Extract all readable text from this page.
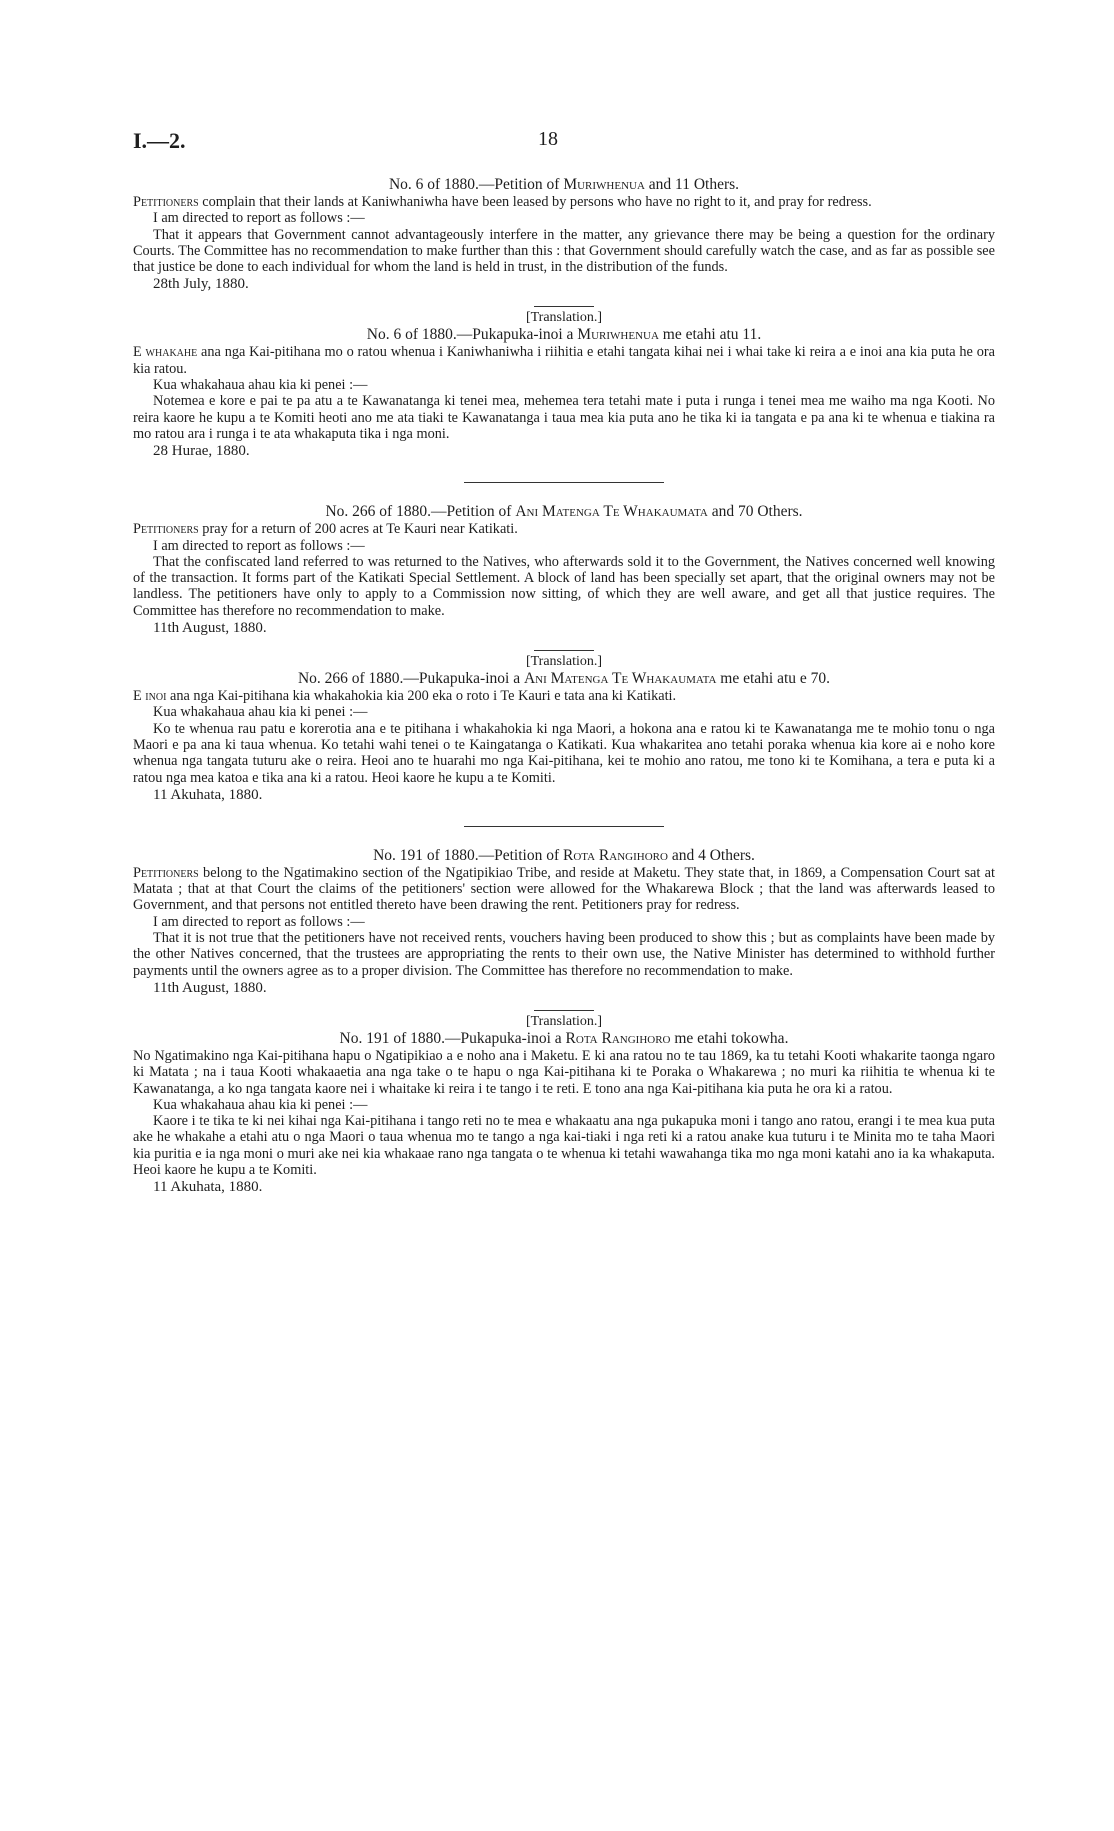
I.—2.	18

No. 6 of 1880.—Petition of Muriwhenua and 11 Others.

Petitioners complain that their lands at Kaniwhaniwha have been leased by persons who have no right to it, and pray for redress.

I am directed to report as follows :—

That it appears that Government cannot advantageously interfere in the matter, any grievance there may be being a question for the ordinary Courts. The Committee has no recommendation to make further than this : that Government should carefully watch the case, and as far as possible see that justice be done to each individual for whom the land is held in trust, in the distribution of the funds.

28th July, 1880.

[Translation.]

No. 6 of 1880.—Pukapuka-inoi a Muriwhenua me etahi atu 11.

E whakahe ana nga Kai-pitihana mo o ratou whenua i Kaniwhaniwha i riihitia e etahi tangata kihai nei i whai take ki reira a e inoi ana kia puta he ora kia ratou.

Kua whakahaua ahau kia ki penei :—

Notemea e kore e pai te pa atu a te Kawanatanga ki tenei mea, mehemea tera tetahi mate i puta i runga i tenei mea me waiho ma nga Kooti. No reira kaore he kupu a te Komiti heoti ano me ata tiaki te Kawanatanga i taua mea kia puta ano he tika ki ia tangata e pa ana ki te whenua e tiakina ra mo ratou ara i runga i te ata whakaputa tika i nga moni.

28 Hurae, 1880.

No. 266 of 1880.—Petition of Ani Matenga Te Whakaumata and 70 Others.

Petitioners pray for a return of 200 acres at Te Kauri near Katikati.

I am directed to report as follows :—

That the confiscated land referred to was returned to the Natives, who afterwards sold it to the Government, the Natives concerned well knowing of the transaction. It forms part of the Katikati Special Settlement. A block of land has been specially set apart, that the original owners may not be landless. The petitioners have only to apply to a Commission now sitting, of which they are well aware, and get all that justice requires. The Committee has therefore no recommendation to make.

11th August, 1880.

[Translation.]

No. 266 of 1880.—Pukapuka-inoi a Ani Matenga Te Whakaumata me etahi atu e 70.

E inoi ana nga Kai-pitihana kia whakahokia kia 200 eka o roto i Te Kauri e tata ana ki Katikati.

Kua whakahaua ahau kia ki penei :—

Ko te whenua rau patu e korerotia ana e te pitihana i whakahokia ki nga Maori, a hokona ana e ratou ki te Kawanatanga me te mohio tonu o nga Maori e pa ana ki taua whenua. Ko tetahi wahi tenei o te Kaingatanga o Katikati. Kua whakaritea ano tetahi poraka whenua kia kore ai e noho kore whenua nga tangata tuturu ake o reira. Heoi ano te huarahi mo nga Kai-pitihana, kei te mohio ano ratou, me tono ki te Komihana, a tera e puta ki a ratou nga mea katoa e tika ana ki a ratou. Heoi kaore he kupu a te Komiti.

11 Akuhata, 1880.

No. 191 of 1880.—Petition of Rota Rangihoro and 4 Others.

Petitioners belong to the Ngatimakino section of the Ngatipikiao Tribe, and reside at Maketu. They state that, in 1869, a Compensation Court sat at Matata ; that at that Court the claims of the petitioners' section were allowed for the Whakarewa Block ; that the land was afterwards leased to Government, and that persons not entitled thereto have been drawing the rent. Petitioners pray for redress.

I am directed to report as follows :—

That it is not true that the petitioners have not received rents, vouchers having been produced to show this ; but as complaints have been made by the other Natives concerned, that the trustees are appropriating the rents to their own use, the Native Minister has determined to withhold further payments until the owners agree as to a proper division. The Committee has therefore no recommendation to make.

11th August, 1880.

[Translation.]

No. 191 of 1880.—Pukapuka-inoi a Rota Rangihoro me etahi tokowha.

No Ngatimakino nga Kai-pitihana hapu o Ngatipikiao a e noho ana i Maketu. E ki ana ratou no te tau 1869, ka tu tetahi Kooti whakarite taonga ngaro ki Matata ; na i taua Kooti whakaaetia ana nga take o te hapu o nga Kai-pitihana ki te Poraka o Whakarewa ; no muri ka riihitia te whenua ki te Kawanatanga, a ko nga tangata kaore nei i whaitake ki reira i te tango i te reti. E tono ana nga Kai-pitihana kia puta he ora ki a ratou.

Kua whakahaua ahau kia ki penei :—

Kaore i te tika te ki nei kihai nga Kai-pitihana i tango reti no te mea e whakaatu ana nga pukapuka moni i tango ano ratou, erangi i te mea kua puta ake he whakahe a etahi atu o nga Maori o taua whenua mo te tango a nga kai-tiaki i nga reti ki a ratou anake kua tuturu i te Minita mo te taha Maori kia puritia e ia nga moni o muri ake nei kia whakaae rano nga tangata o te whenua ki tetahi wawahanga tika mo nga moni katahi ano ia ka whakaputa. Heoi kaore he kupu a te Komiti.

11 Akuhata, 1880.
